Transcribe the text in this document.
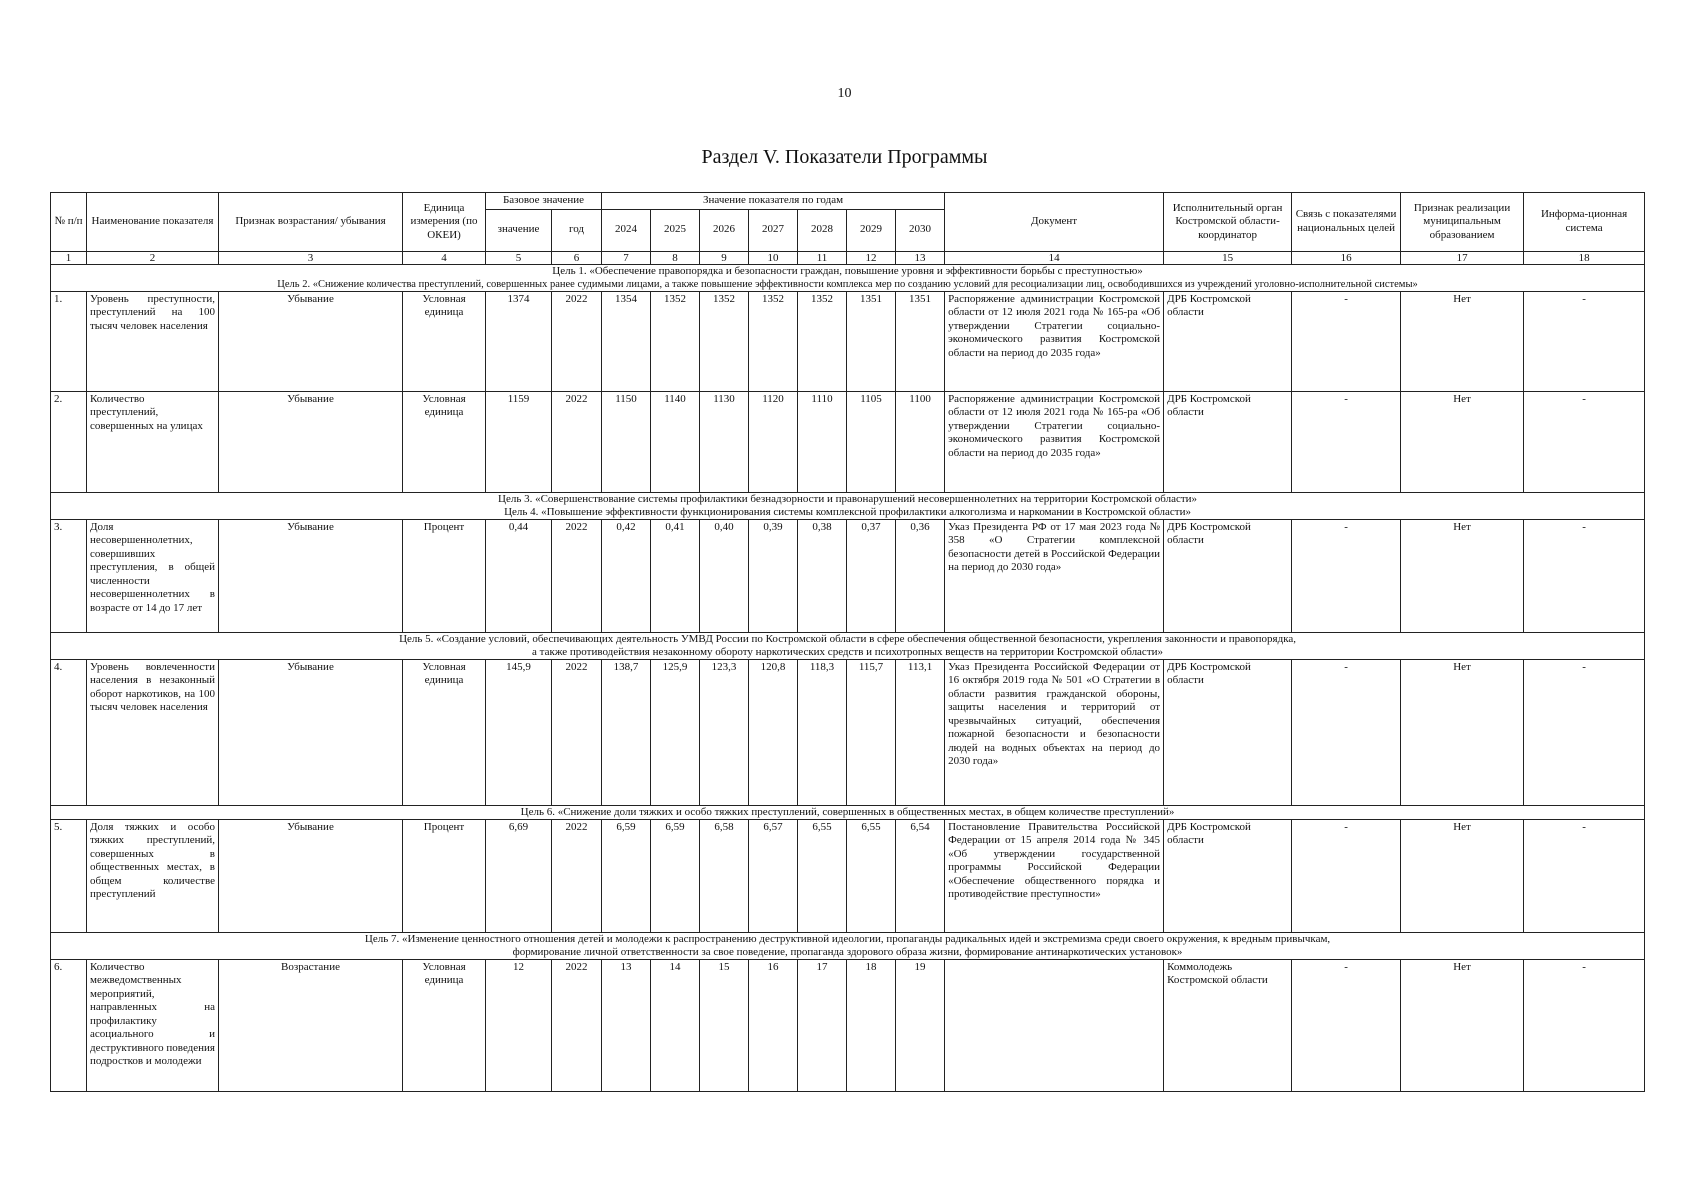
10
Раздел V. Показатели Программы
№ п/п	Наименование показателя	Признак возрастания/ убывания	Единица измерения (по ОКЕИ)	Базовое значение		Значение показателя по годам							Документ	Исполнительный орган Костромской области-координатор	Связь с показателями национальных целей	Признак реализации муниципальным образованием	Информа-ционная система
				значение	год	2024	2025	2026	2027	2028	2029	2030					
1	2	3	4	5	6	7	8	9	10	11	12	13	14	15	16	17	18

Цель 1. «Обеспечение правопорядка и безопасности граждан, повышение уровня и эффективности борьбы с преступностью»
Цель 2. «Снижение количества преступлений, совершенных ранее судимыми лицами, а также повышение эффективности комплекса мер по созданию условий для ресоциализации лиц, освободившихся из учреждений уголовно-исполнительной системы»																	

1.	Уровень преступности, преступлений на 100 тысяч человек населения	Убывание	Условная единица	1374	2022	1354	1352	1352	1352	1352	1351	1351	Распоряжение администрации Костромской области от 12 июля 2021 года № 165-ра «Об утверждении Стратегии социально-экономического развития Костромской области на период до 2035 года»	ДРБ Костромской области	-	Нет	-
2.	Количество преступлений, совершенных на улицах	Убывание	Условная единица	1159	2022	1150	1140	1130	1120	1110	1105	1100	Распоряжение администрации Костромской области от 12 июля 2021 года № 165-ра «Об утверждении Стратегии социально-экономического развития Костромской области на период до 2035 года»	ДРБ Костромской области	-	Нет	-

Цель 3. «Совершенствование системы профилактики безнадзорности и правонарушений несовершеннолетних на территории Костромской области»
Цель 4. «Повышение эффективности функционирования системы комплексной профилактики алкоголизма и наркомании в Костромской области»																	

3.	Доля несовершеннолетних, совершивших преступления, в общей численности несовершеннолетних в возрасте от 14 до 17 лет	Убывание	Процент	0,44	2022	0,42	0,41	0,40	0,39	0,38	0,37	0,36	Указ Президента РФ от 17 мая 2023 года № 358 «О Стратегии комплексной безопасности детей в Российской Федерации на период до 2030 года»	ДРБ Костромской области	-	Нет	-

Цель 5. «Создание условий, обеспечивающих деятельность УМВД России по Костромской области в сфере обеспечения общественной безопасности, укрепления законности и правопорядка,
а также противодействия незаконному обороту наркотических средств и психотропных веществ на территории Костромской области»																	

4.	Уровень вовлеченности населения в незаконный оборот наркотиков, на 100 тысяч человек населения	Убывание	Условная единица	145,9	2022	138,7	125,9	123,3	120,8	118,3	115,7	113,1	Указ Президента Российской Федерации от 16 октября 2019 года № 501 «О Стратегии в области развития гражданской обороны, защиты населения и территорий от чрезвычайных ситуаций, обеспечения пожарной безопасности и безопасности людей на водных объектах на период до 2030 года»	ДРБ Костромской области	-	Нет	-

Цель 6. «Снижение доли тяжких и особо тяжких преступлений, совершенных в общественных местах, в общем количестве преступлений»																	

5.	Доля тяжких и особо тяжких преступлений, совершенных в общественных местах, в общем количестве преступлений	Убывание	Процент	6,69	2022	6,59	6,59	6,58	6,57	6,55	6,55	6,54	Постановление Правительства Российской Федерации от 15 апреля 2014 года № 345 «Об утверждении государственной программы Российской Федерации «Обеспечение общественного порядка и противодействие преступности»	ДРБ Костромской области	-	Нет	-

Цель 7. «Изменение ценностного отношения детей и молодежи к распространению деструктивной идеологии, пропаганды радикальных идей и экстремизма среди своего окружения, к вредным привычкам,
формирование личной ответственности за свое поведение, пропаганда здорового образа жизни, формирование антинаркотических установок»																	

6.	Количество межведомственных мероприятий, направленных на профилактику асоциального и деструктивного поведения подростков и молодежи	Возрастание	Условная единица	12	2022	13	14	15	16	17	18	19		Коммолодежь Костромской области	-	Нет	-
